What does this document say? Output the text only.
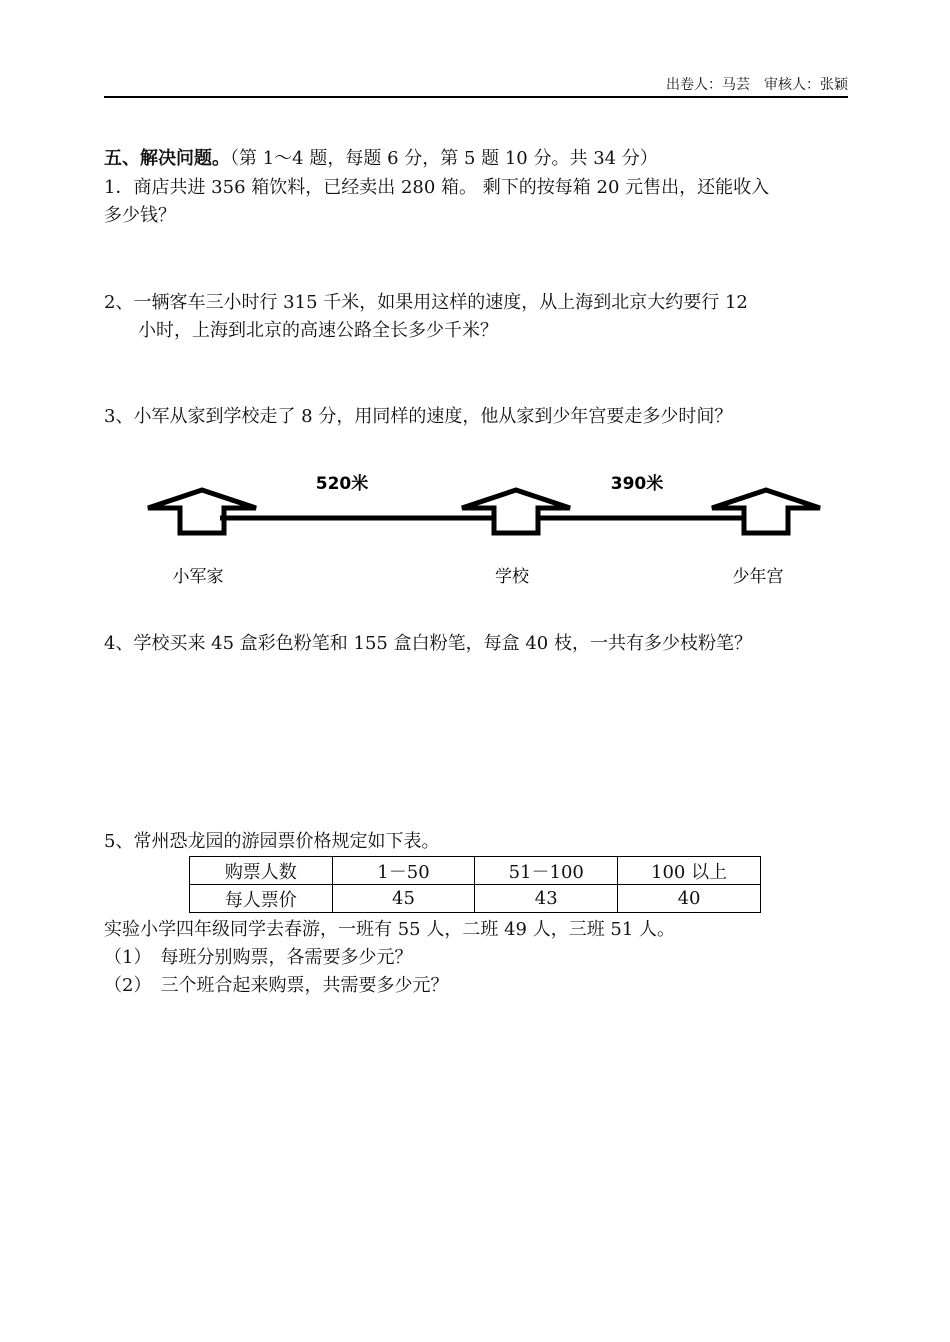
出卷人：马芸　审核人：张颖
五、解决问题。（第 1～4 题，每题 6 分，第 5 题 10 分。共 34 分）
1．商店共进 356 箱饮料，已经卖出 280 箱。 剩下的按每箱 20 元售出，还能收入
多少钱？
2、一辆客车三小时行 315 千米，如果用这样的速度，从上海到北京大约要行 12
小时，上海到北京的高速公路全长多少千米？
3、小军从家到学校走了 8 分，用同样的速度，他从家到少年宫要走多少时间？
520米	390米
小军家	学校	少年宫
4、学校买来 45 盒彩色粉笔和 155 盒白粉笔，每盒 40 枝，一共有多少枝粉笔？
5、常州恐龙园的游园票价格规定如下表。
购票人数	1－50	51－100	100 以上
每人票价	45	43	40
实验小学四年级同学去春游，一班有 55 人，二班 49 人，三班 51 人。
（1）　每班分别购票，各需要多少元？
（2）　三个班合起来购票，共需要多少元？
